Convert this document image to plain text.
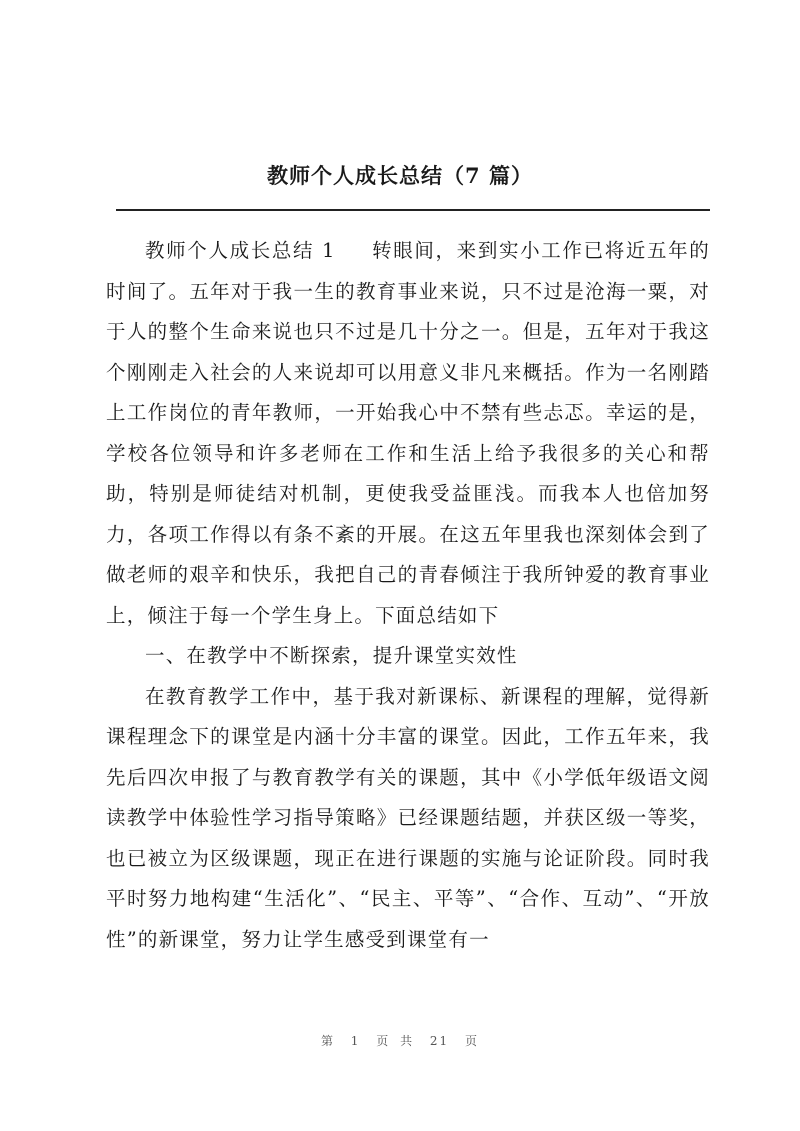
教师个人成长总结（7 篇）

教师个人成长总结 1 转眼间，来到实小工作已将近五年的时间了。五年对于我一生的教育事业来说，只不过是沧海一粟，对于人的整个生命来说也只不过是几十分之一。但是，五年对于我这个刚刚走入社会的人来说却可以用意义非凡来概括。作为一名刚踏上工作岗位的青年教师，一开始我心中不禁有些忐忑。幸运的是，学校各位领导和许多老师在工作和生活上给予我很多的关心和帮助，特别是师徒结对机制，更使我受益匪浅。而我本人也倍加努力，各项工作得以有条不紊的开展。在这五年里我也深刻体会到了做老师的艰辛和快乐，我把自己的青春倾注于我所钟爱的教育事业上，倾注于每一个学生身上。下面总结如下

一、在教学中不断探索，提升课堂实效性

在教育教学工作中，基于我对新课标、新课程的理解，觉得新课程理念下的课堂是内涵十分丰富的课堂。因此，工作五年来，我先后四次申报了与教育教学有关的课题，其中《小学低年级语文阅读教学中体验性学习指导策略》已经课题结题，并获区级一等奖，也已被立为区级课题，现正在进行课题的实施与论证阶段。同时我平时努力地构建“生活化”、“民主、平等”、“合作、互动”、“开放性”的新课堂，努力让学生感受到课堂有一

第 1 页 共 21 页
